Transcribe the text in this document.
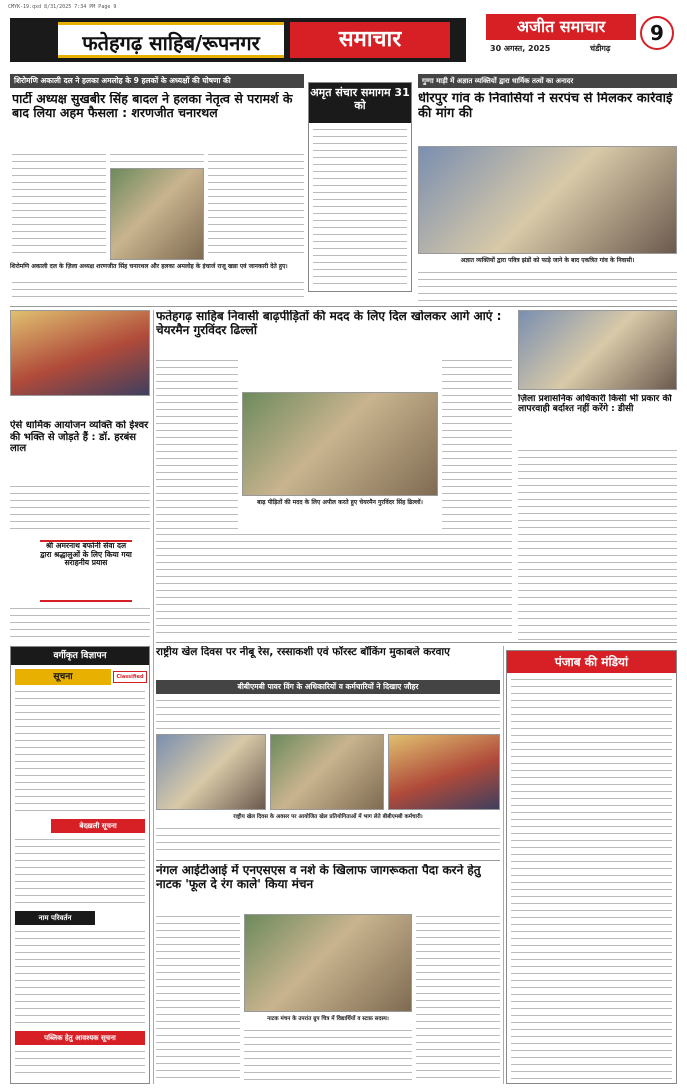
CMYK-19.qxd 8/31/2025 7:34 PM Page 9
फतेहगढ़ साहिब/रूपनगर	समाचार
अजीत समाचार
30 अगस्त, 2025	चंडीगढ़
9
शिरोमणि अकाली दल ने हलका अमलोह के 9 हलकों के अध्यक्षों की घोषणा की
पार्टी अध्यक्ष सुखबीर सिंह बादल ने हलका नेतृत्व से परामर्श के बाद लिया अहम फैसला : शरणजीत चनारथल
शिरोमणि अकाली दल के ज़िला अध्यक्ष शरणजीत सिंह चनारथल और हलका अमलोह के इंचार्ज राजू खन्ना एवं जानकारी देते हुए।
अमृत संचार समागम 31 को
गुग्गा माड़ी में अज्ञात व्यक्तियों द्वारा धार्मिक तत्वों का अनादर
धीरपुर गांव के निवासियों ने सरपंच से मिलकर कार्रवाई की मांग की
अज्ञात व्यक्तियों द्वारा पवित्र झंडों को फाड़े जाने के बाद एकत्रित गांव के निवासी।
ऐसे धार्मिक आयोजन व्यक्ति को ईश्वर की भक्ति से जोड़ते हैं : डॉ. हरबंस लाल
श्री अमरनाथ बर्फानी सेवा दल द्वारा श्रद्धालुओं के लिए किया गया सराहनीय प्रयास
फतेहगढ़ साहिब निवासी बाढ़पीड़ितों की मदद के लिए दिल खोलकर आगे आएं : चेयरमैन गुरविंदर ढिल्लों
बाढ़ पीड़ितों की मदद के लिए अपील करते हुए चेयरमैन गुरविंदर सिंह ढिल्लों।
ज़िला प्रशासनिक अधिकारी किसी भी प्रकार की लापरवाही बर्दाश्त नहीं करेंगे : डीसी
वर्गीकृत विज्ञापन
सूचना	Classified
बेदख़ली सूचना
नाम परिवर्तन
पब्लिक हेतु आवश्यक सूचना
राष्ट्रीय खेल दिवस पर नीबू रेस, रस्साकशी एवं फॉरस्ट बॉकिंग मुकाबले करवाए
बीबीएमबी पावर विंग के अधिकारियों व कर्मचारियों ने दिखाए जौहर
राष्ट्रीय खेल दिवस के अवसर पर आयोजित खेल प्रतियोगिताओं में भाग लेते बीबीएमबी कर्मचारी।
पंजाब की मंडियां
नंगल आईटीआई में एनएसएस व नशे के खिलाफ जागरूकता पैदा करने हेतु नाटक 'फूल दे रंग काले' किया मंचन
नाटक मंचन के उपरांत ग्रुप चित्र में विद्यार्थियों व स्टाफ़ सदस्य।
